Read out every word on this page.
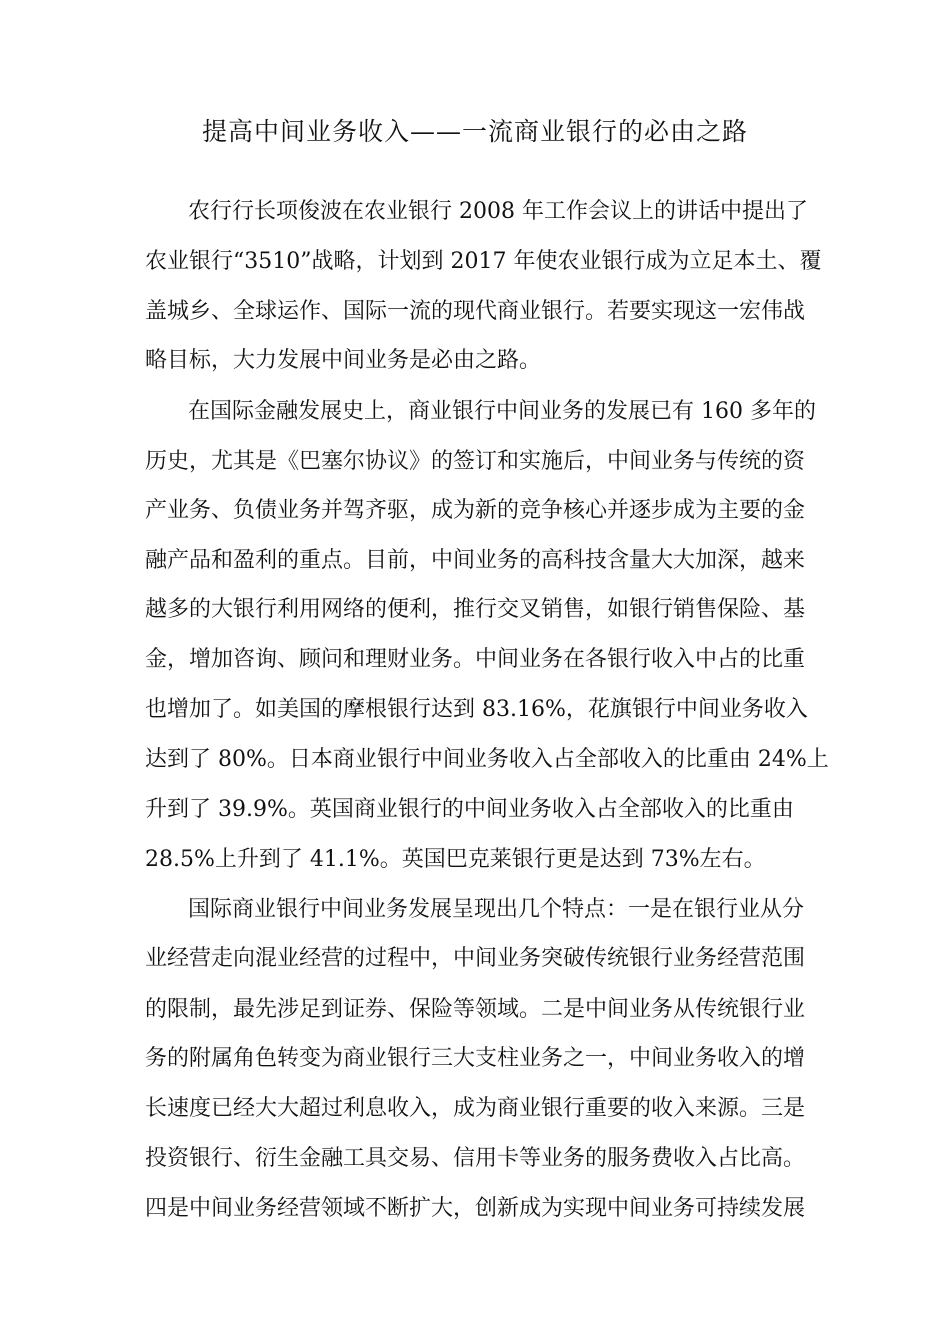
提高中间业务收入——一流商业银行的必由之路
农行行长项俊波在农业银行 2008 年工作会议上的讲话中提出了
农业银行“3510”战略，计划到 2017 年使农业银行成为立足本土、覆
盖城乡、全球运作、国际一流的现代商业银行。若要实现这一宏伟战
略目标，大力发展中间业务是必由之路。
在国际金融发展史上，商业银行中间业务的发展已有 160 多年的
历史，尤其是《巴塞尔协议》的签订和实施后，中间业务与传统的资
产业务、负债业务并驾齐驱，成为新的竞争核心并逐步成为主要的金
融产品和盈利的重点。目前，中间业务的高科技含量大大加深，越来
越多的大银行利用网络的便利，推行交叉销售，如银行销售保险、基
金，增加咨询、顾问和理财业务。中间业务在各银行收入中占的比重
也增加了。如美国的摩根银行达到 83.16%，花旗银行中间业务收入
达到了 80%。日本商业银行中间业务收入占全部收入的比重由 24%上
升到了 39.9%。英国商业银行的中间业务收入占全部收入的比重由
28.5%上升到了 41.1%。英国巴克莱银行更是达到 73%左右。
国际商业银行中间业务发展呈现出几个特点：一是在银行业从分
业经营走向混业经营的过程中，中间业务突破传统银行业务经营范围
的限制，最先涉足到证券、保险等领域。二是中间业务从传统银行业
务的附属角色转变为商业银行三大支柱业务之一，中间业务收入的增
长速度已经大大超过利息收入，成为商业银行重要的收入来源。三是
投资银行、衍生金融工具交易、信用卡等业务的服务费收入占比高。
四是中间业务经营领域不断扩大，创新成为实现中间业务可持续发展
